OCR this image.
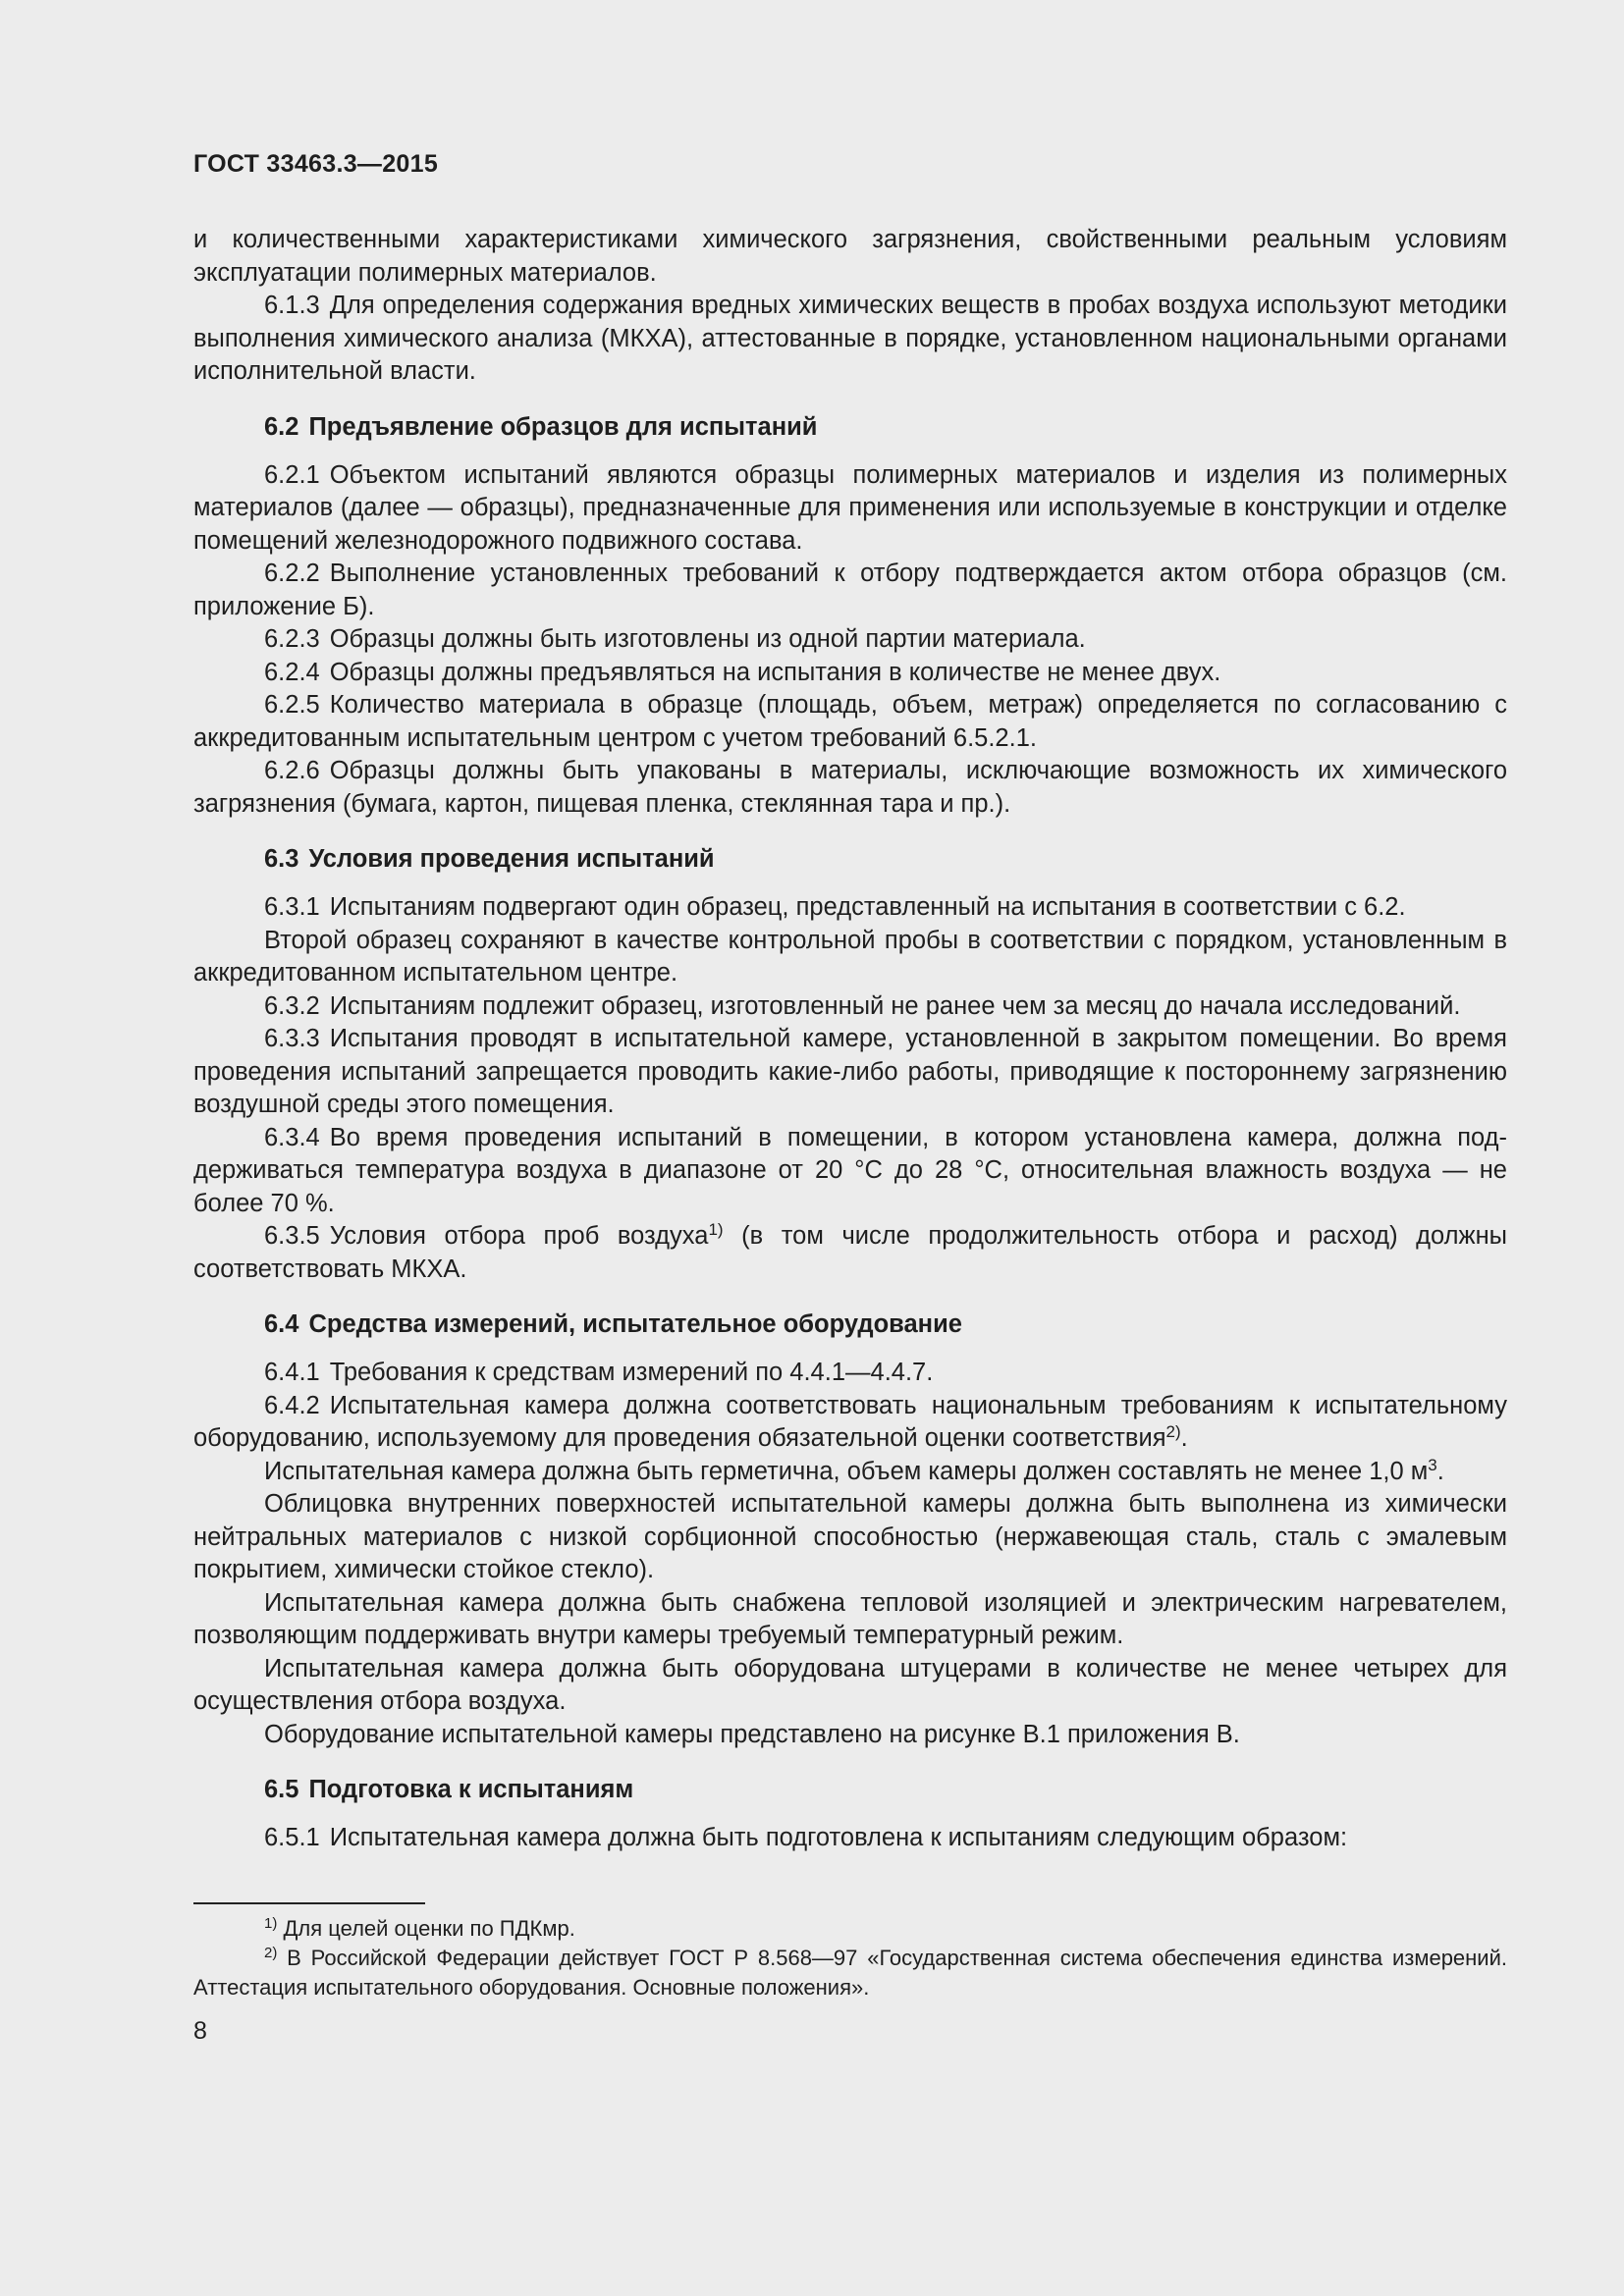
ГОСТ 33463.3—2015

и количественными характеристиками химического загрязнения, свойственными реальным условиям эксплуатации полимерных материалов.

6.1.3 Для определения содержания вредных химических веществ в пробах воздуха используют методики выполнения химического анализа (МКХА), аттестованные в порядке, установленном национальными органами исполнительной власти.

6.2 Предъявление образцов для испытаний

6.2.1 Объектом испытаний являются образцы полимерных материалов и изделия из полимерных материалов (далее — образцы), предназначенные для применения или используемые в конструкции и отделке помещений железнодорожного подвижного состава.

6.2.2 Выполнение установленных требований к отбору подтверждается актом отбора образцов (см. приложение Б).

6.2.3 Образцы должны быть изготовлены из одной партии материала.

6.2.4 Образцы должны предъявляться на испытания в количестве не менее двух.

6.2.5 Количество материала в образце (площадь, объем, метраж) определяется по согласованию с аккредитованным испытательным центром с учетом требований 6.5.2.1.

6.2.6 Образцы должны быть упакованы в материалы, исключающие возможность их химического загрязнения (бумага, картон, пищевая пленка, стеклянная тара и пр.).

6.3 Условия проведения испытаний

6.3.1 Испытаниям подвергают один образец, представленный на испытания в соответствии с 6.2.

Второй образец сохраняют в качестве контрольной пробы в соответствии с порядком, установленным в аккредитованном испытательном центре.

6.3.2 Испытаниям подлежит образец, изготовленный не ранее чем за месяц до начала исследований.

6.3.3 Испытания проводят в испытательной камере, установленной в закрытом помещении. Во время проведения испытаний запрещается проводить какие-либо работы, приводящие к постороннему загрязнению воздушной среды этого помещения.

6.3.4 Во время проведения испытаний в помещении, в котором установлена камера, должна поддерживаться температура воздуха в диапазоне от 20 °С до 28 °С, относительная влажность воздуха — не более 70 %.

6.3.5 Условия отбора проб воздуха$^{1)}$ (в том числе продолжительность отбора и расход) должны соответствовать МКХА.

6.4 Средства измерений, испытательное оборудование

6.4.1 Требования к средствам измерений по 4.4.1—4.4.7.

6.4.2 Испытательная камера должна соответствовать национальным требованиям к испытательному оборудованию, используемому для проведения обязательной оценки соответствия$^{2)}$.

Испытательная камера должна быть герметична, объем камеры должен составлять не менее 1,0 $м^3$.

Облицовка внутренних поверхностей испытательной камеры должна быть выполнена из химически нейтральных материалов с низкой сорбционной способностью (нержавеющая сталь, сталь с эмалевым покрытием, химически стойкое стекло).

Испытательная камера должна быть снабжена тепловой изоляцией и электрическим нагревателем, позволяющим поддерживать внутри камеры требуемый температурный режим.

Испытательная камера должна быть оборудована штуцерами в количестве не менее четырех для осуществления отбора воздуха.

Оборудование испытательной камеры представлено на рисунке В.1 приложения В.

6.5 Подготовка к испытаниям

6.5.1 Испытательная камера должна быть подготовлена к испытаниям следующим образом:

$^{1)}$ Для целей оценки по ПДКмр.

$^{2)}$ В Российской Федерации действует ГОСТ Р 8.568—97 «Государственная система обеспечения единства измерений. Аттестация испытательного оборудования. Основные положения».

8
